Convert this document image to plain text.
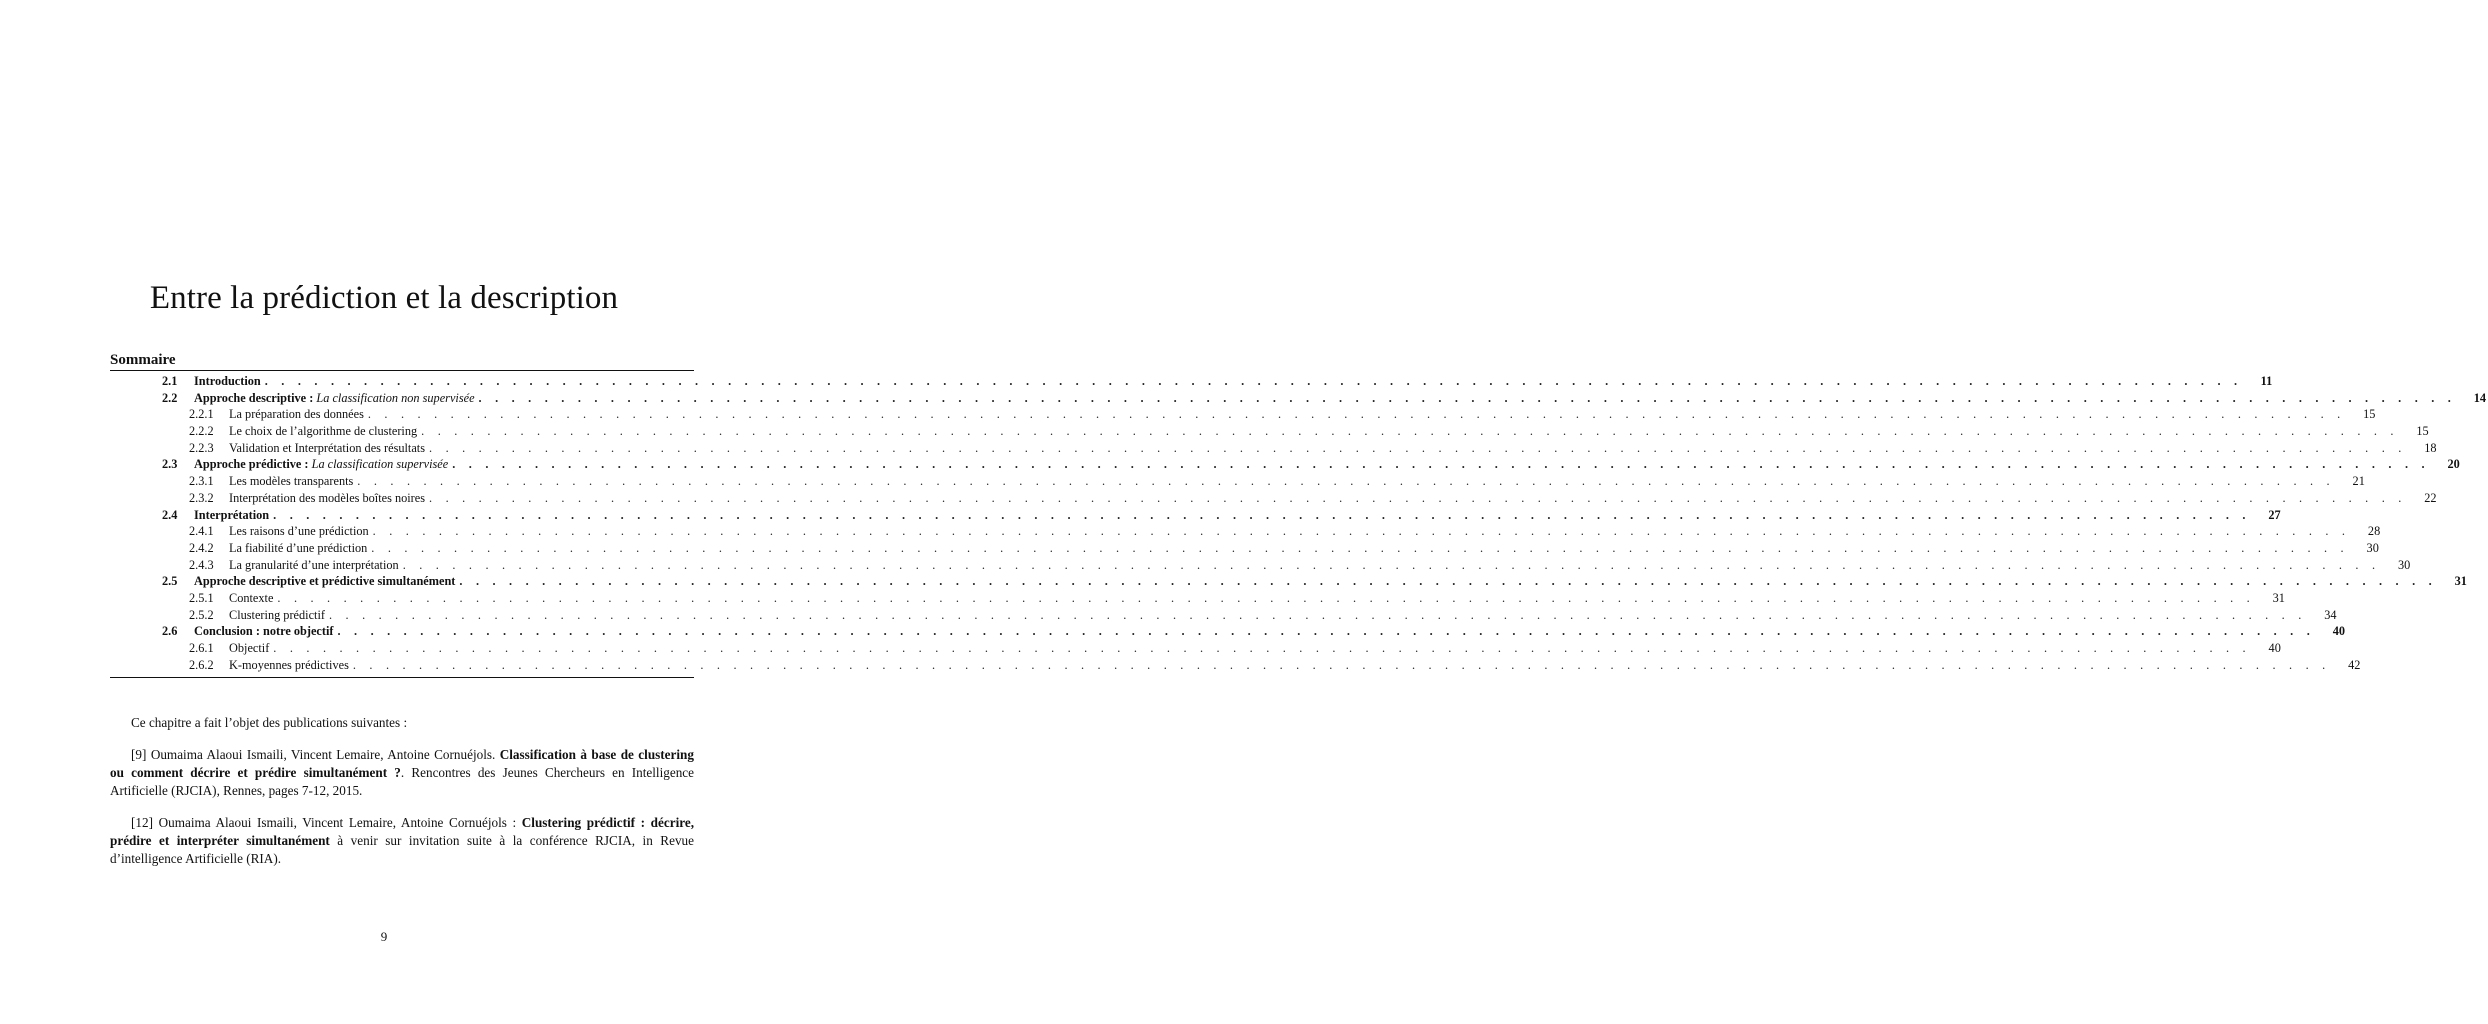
Entre la prédiction et la description
Sommaire
2.1	Introduction . . . . . . . . . . . . . . . . . . . . . . . . . . . . . . . . . . . . . . . . . . . . . . . . . . . . . . . . . . . . . . . . . . . . . . . . . . . . . . . . . . . . . . . . . . . . . . . . . . . . . . . . . . . . . . . . . . . . . . . .	11
2.2	Approche descriptive : La classification non supervisée . . . . . . . . . . . . . . . . . . . . . . . . . . . . . . . . . . . . . . . . . . . . . . . . . . . . . . . . . . . . . . . . . . . . . . . . . . . . . . . . . . . . . . . . . . . . . . . . . . . . . . . . . . . . . . . . . . . . . . . .	14
2.2.1	La préparation des données . . . . . . . . . . . . . . . . . . . . . . . . . . . . . . . . . . . . . . . . . . . . . . . . . . . . . . . . . . . . . . . . . . . . . . . . . . . . . . . . . . . . . . . . . . . . . . . . . . . . . . . . . . . . . . . . . . . . . . . .	15
2.2.2	Le choix de l’algorithme de clustering . . . . . . . . . . . . . . . . . . . . . . . . . . . . . . . . . . . . . . . . . . . . . . . . . . . . . . . . . . . . . . . . . . . . . . . . . . . . . . . . . . . . . . . . . . . . . . . . . . . . . . . . . . . . . . . . . . . . . . . .	15
2.2.3	Validation et Interprétation des résultats . . . . . . . . . . . . . . . . . . . . . . . . . . . . . . . . . . . . . . . . . . . . . . . . . . . . . . . . . . . . . . . . . . . . . . . . . . . . . . . . . . . . . . . . . . . . . . . . . . . . . . . . . . . . . . . . . . . . . . . .	18
2.3	Approche prédictive : La classification supervisée . . . . . . . . . . . . . . . . . . . . . . . . . . . . . . . . . . . . . . . . . . . . . . . . . . . . . . . . . . . . . . . . . . . . . . . . . . . . . . . . . . . . . . . . . . . . . . . . . . . . . . . . . . . . . . . . . . . . . . . .	20
2.3.1	Les modèles transparents . . . . . . . . . . . . . . . . . . . . . . . . . . . . . . . . . . . . . . . . . . . . . . . . . . . . . . . . . . . . . . . . . . . . . . . . . . . . . . . . . . . . . . . . . . . . . . . . . . . . . . . . . . . . . . . . . . . . . . . .	21
2.3.2	Interprétation des modèles boîtes noires . . . . . . . . . . . . . . . . . . . . . . . . . . . . . . . . . . . . . . . . . . . . . . . . . . . . . . . . . . . . . . . . . . . . . . . . . . . . . . . . . . . . . . . . . . . . . . . . . . . . . . . . . . . . . . . . . . . . . . . .	22
2.4	Interprétation . . . . . . . . . . . . . . . . . . . . . . . . . . . . . . . . . . . . . . . . . . . . . . . . . . . . . . . . . . . . . . . . . . . . . . . . . . . . . . . . . . . . . . . . . . . . . . . . . . . . . . . . . . . . . . . . . . . . . . . .	27
2.4.1	Les raisons d’une prédiction . . . . . . . . . . . . . . . . . . . . . . . . . . . . . . . . . . . . . . . . . . . . . . . . . . . . . . . . . . . . . . . . . . . . . . . . . . . . . . . . . . . . . . . . . . . . . . . . . . . . . . . . . . . . . . . . . . . . . . . .	28
2.4.2	La fiabilité d’une prédiction . . . . . . . . . . . . . . . . . . . . . . . . . . . . . . . . . . . . . . . . . . . . . . . . . . . . . . . . . . . . . . . . . . . . . . . . . . . . . . . . . . . . . . . . . . . . . . . . . . . . . . . . . . . . . . . . . . . . . . . .	30
2.4.3	La granularité d’une interprétation . . . . . . . . . . . . . . . . . . . . . . . . . . . . . . . . . . . . . . . . . . . . . . . . . . . . . . . . . . . . . . . . . . . . . . . . . . . . . . . . . . . . . . . . . . . . . . . . . . . . . . . . . . . . . . . . . . . . . . . .	30
2.5	Approche descriptive et prédictive simultanément . . . . . . . . . . . . . . . . . . . . . . . . . . . . . . . . . . . . . . . . . . . . . . . . . . . . . . . . . . . . . . . . . . . . . . . . . . . . . . . . . . . . . . . . . . . . . . . . . . . . . . . . . . . . . . . . . . . . . . . .	31
2.5.1	Contexte . . . . . . . . . . . . . . . . . . . . . . . . . . . . . . . . . . . . . . . . . . . . . . . . . . . . . . . . . . . . . . . . . . . . . . . . . . . . . . . . . . . . . . . . . . . . . . . . . . . . . . . . . . . . . . . . . . . . . . . .	31
2.5.2	Clustering prédictif . . . . . . . . . . . . . . . . . . . . . . . . . . . . . . . . . . . . . . . . . . . . . . . . . . . . . . . . . . . . . . . . . . . . . . . . . . . . . . . . . . . . . . . . . . . . . . . . . . . . . . . . . . . . . . . . . . . . . . . .	34
2.6	Conclusion : notre objectif . . . . . . . . . . . . . . . . . . . . . . . . . . . . . . . . . . . . . . . . . . . . . . . . . . . . . . . . . . . . . . . . . . . . . . . . . . . . . . . . . . . . . . . . . . . . . . . . . . . . . . . . . . . . . . . . . . . . . . . .	40
2.6.1	Objectif . . . . . . . . . . . . . . . . . . . . . . . . . . . . . . . . . . . . . . . . . . . . . . . . . . . . . . . . . . . . . . . . . . . . . . . . . . . . . . . . . . . . . . . . . . . . . . . . . . . . . . . . . . . . . . . . . . . . . . . .	40
2.6.2	K-moyennes prédictives . . . . . . . . . . . . . . . . . . . . . . . . . . . . . . . . . . . . . . . . . . . . . . . . . . . . . . . . . . . . . . . . . . . . . . . . . . . . . . . . . . . . . . . . . . . . . . . . . . . . . . . . . . . . . . . . . . . . . . . .	42

Ce chapitre a fait l’objet des publications suivantes :

[9] Oumaima Alaoui Ismaili, Vincent Lemaire, Antoine Cornuéjols. Classification à base de clustering ou comment décrire et prédire simultanément ?. Rencontres des Jeunes Chercheurs en Intelligence Artificielle (RJCIA), Rennes, pages 7-12, 2015.

[12] Oumaima Alaoui Ismaili, Vincent Lemaire, Antoine Cornuéjols : Clustering prédictif : décrire, prédire et interpréter simultanément à venir sur invitation suite à la conférence RJCIA, in Revue d’intelligence Artificielle (RIA).

9
